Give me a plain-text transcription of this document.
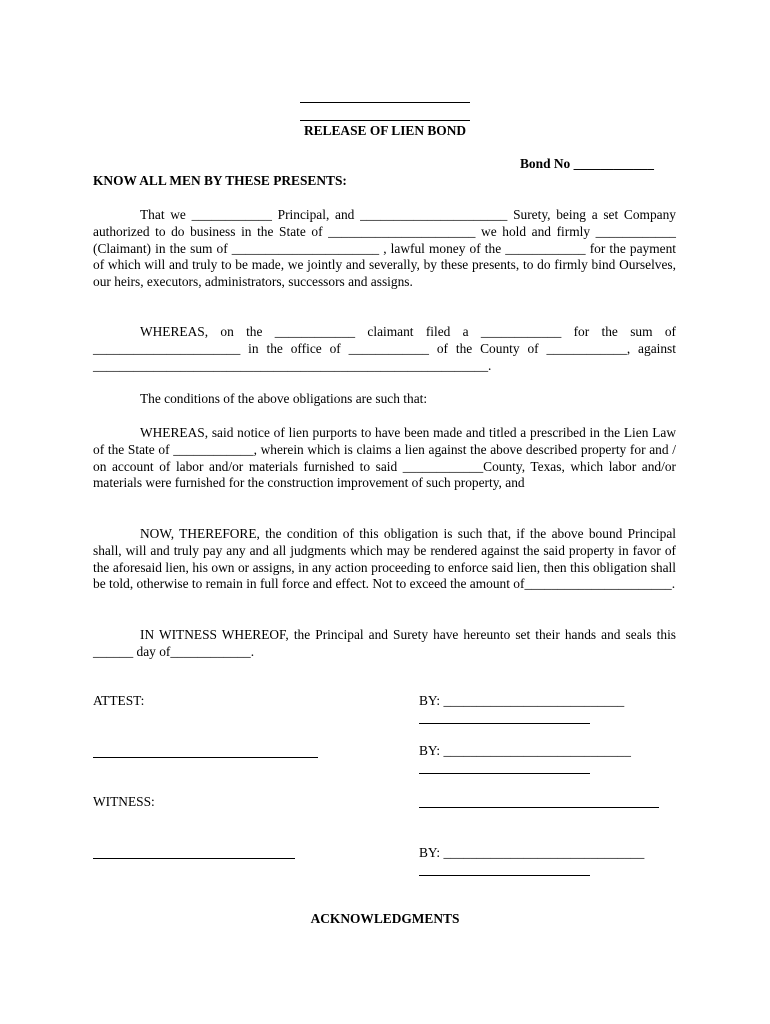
RELEASE OF LIEN BOND
Bond No ____________
KNOW ALL MEN BY THESE PRESENTS:
That we ____________ Principal, and ______________________ Surety, being a set Company authorized to do business in the State of ______________________ we hold and firmly ____________ (Claimant) in the sum of ______________________ , lawful money of the ____________ for the payment of which will and truly to be made, we jointly and severally, by these presents, to do firmly bind Ourselves, our heirs, executors, administrators, successors and assigns.
WHEREAS, on the ____________ claimant filed a ____________ for the sum of ______________________ in the office of ____________ of the County of ____________, against ___________________________________________________________.
The conditions of the above obligations are such that:
WHEREAS, said notice of lien purports to have been made and titled a prescribed in the Lien Law of the State of ____________, wherein which is claims a lien against the above described property for and / on account of labor and/or materials furnished to said ____________County, Texas, which labor and/or materials were furnished for the construction improvement of such property, and
NOW, THEREFORE, the condition of this obligation is such that, if the above bound Principal shall, will and truly pay any and all judgments which may be rendered against the said property in favor of the aforesaid lien, his own or assigns, in any action proceeding to enforce said lien, then this obligation shall be told, otherwise to remain in full force and effect. Not to exceed the amount of______________________.
IN WITNESS WHEREOF, the Principal and Surety have hereunto set their hands and seals this ______ day of____________.
ATTEST:	BY: ___________________________
BY: ____________________________
WITNESS:
BY: ______________________________
ACKNOWLEDGMENTS
